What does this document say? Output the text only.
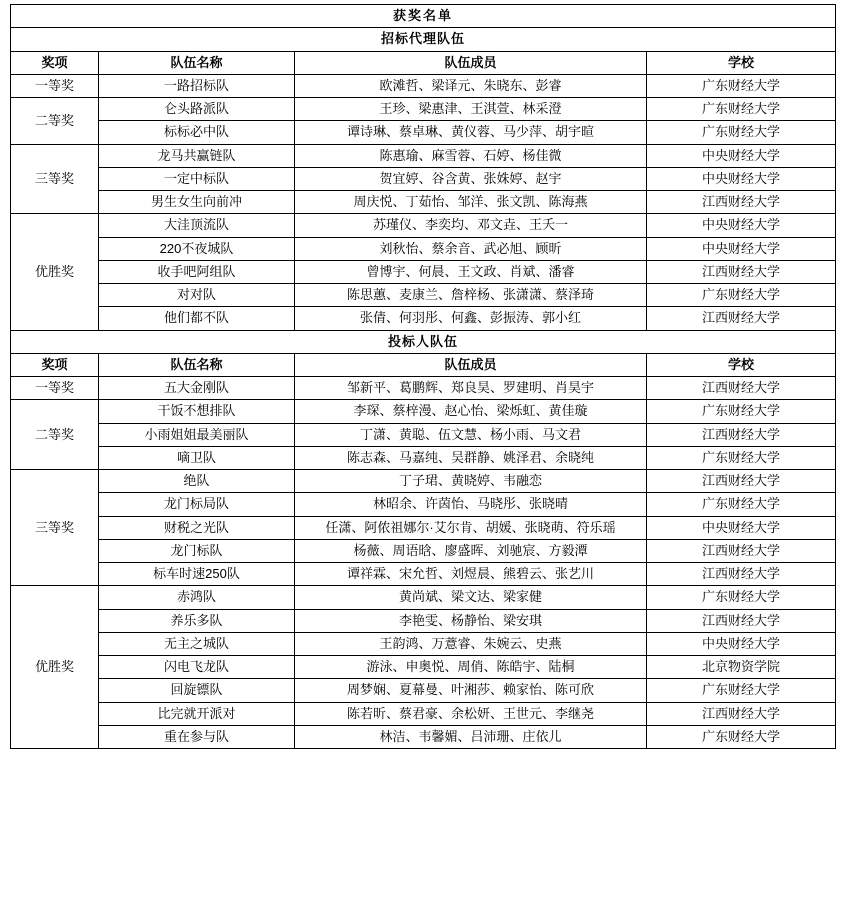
获奖名单			
招标代理队伍			
奖项	队伍名称	队伍成员	学校
一等奖	一路招标队	欧滩哲、梁译元、朱晓东、彭睿	广东财经大学
二等奖	仑头路派队	王珍、梁惠津、王淇萱、林采澄	广东财经大学
	标标必中队	谭诗琳、蔡卓琳、黄仪蓉、马少萍、胡宇暄	广东财经大学
三等奖	龙马共赢链队	陈惠瑜、麻雪蓉、石婷、杨佳微	中央财经大学
	一定中标队	贺宜婷、谷含黄、张姝婷、赵宇	中央财经大学
	男生女生向前冲	周庆悦、丁茹怡、邹洋、张文凯、陈海燕	江西财经大学
优胜奖	大洼顶流队	苏瑾仪、李奕均、邓文垚、王夭一	中央财经大学
	220不夜城队	刘秋怡、蔡余音、武必旭、顾昕	中央财经大学
	收手吧阿组队	曾博宇、何晨、王文政、肖斌、潘睿	江西财经大学
	对对队	陈思蕙、麦康兰、詹梓杨、张潇潇、蔡泽琦	广东财经大学
	他们都不队	张倩、何羽彤、何鑫、彭振涛、郭小红	江西财经大学
投标人队伍			
奖项	队伍名称	队伍成员	学校
一等奖	五大金刚队	邹新平、葛鹏辉、郑良昊、罗建明、肖昊宇	江西财经大学
二等奖	干饭不想排队	李琛、蔡梓漫、赵心怡、梁烁虹、黄佳璇	广东财经大学
	小雨姐姐最美丽队	丁潇、黄聪、伍文慧、杨小雨、马文君	江西财经大学
	嘀卫队	陈志森、马嘉纯、吴群静、姚泽君、余晓纯	广东财经大学
三等奖	绝队	丁子珺、黄晓婷、韦融恋	江西财经大学
	龙门标局队	林昭余、许茵怡、马晓彤、张晓晴	广东财经大学
	财税之光队	任潇、阿侬祖娜尔·艾尔肯、胡媛、张晓萌、符乐瑶	中央财经大学
	龙门标队	杨薇、周语晗、廖盛晖、刘驰宸、方毅潭	江西财经大学
	标车时速250队	谭祥霖、宋允哲、刘煜晨、熊碧云、张艺川	江西财经大学
优胜奖	赤鸿队	黄尚斌、梁文达、梁家健	广东财经大学
	养乐多队	李艳雯、杨静怡、梁安琪	江西财经大学
	无主之城队	王韵鸿、万薏睿、朱婉云、史燕	中央财经大学
	闪电飞龙队	游泳、申奥悦、周俏、陈皓宇、陆桐	北京物资学院
	回旋镖队	周梦娴、夏幕曼、叶湘莎、赖家怡、陈可欣	广东财经大学
	比完就开派对	陈若昕、蔡君豪、余松妍、王世元、李继尧	江西财经大学
	重在参与队	林洁、韦馨媚、吕沛珊、庄依儿	广东财经大学
